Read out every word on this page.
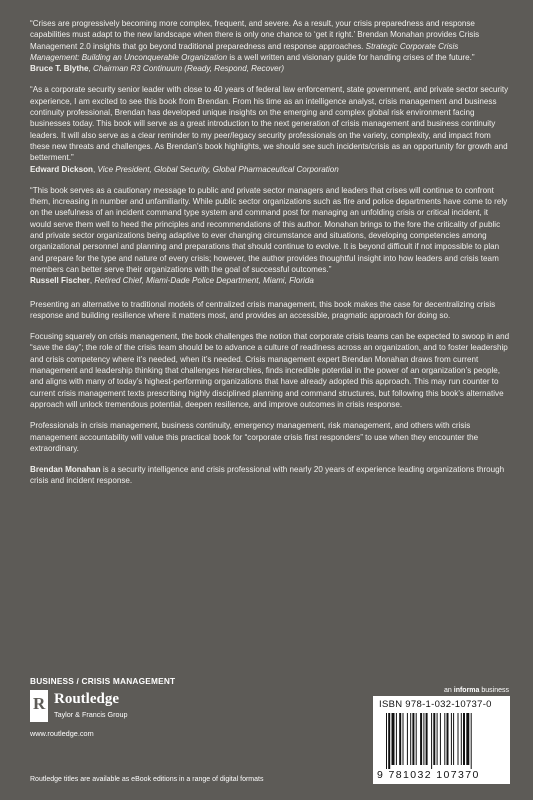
“Crises are progressively becoming more complex, frequent, and severe. As a result, your crisis preparedness and response capabilities must adapt to the new landscape when there is only one chance to ‘get it right.’ Brendan Monahan provides Crisis Management 2.0 insights that go beyond traditional preparedness and response approaches. Strategic Corporate Crisis Management: Building an Unconquerable Organization is a well written and visionary guide for handling crises of the future.”

Bruce T. Blythe, Chairman R3 Continuum (Ready, Respond, Recover)

“As a corporate security senior leader with close to 40 years of federal law enforcement, state government, and private sector security experience, I am excited to see this book from Brendan. From his time as an intelligence analyst, crisis management and business continuity professional, Brendan has developed unique insights on the emerging and complex global risk environment facing businesses today. This book will serve as a great introduction to the next generation of crisis management and business continuity leaders. It will also serve as a clear reminder to my peer/legacy security professionals on the variety, complexity, and impact from these new threats and challenges. As Brendan’s book highlights, we should see such incidents/crisis as an opportunity for growth and betterment.”

Edward Dickson, Vice President, Global Security, Global Pharmaceutical Corporation

“This book serves as a cautionary message to public and private sector managers and leaders that crises will continue to confront them, increasing in number and unfamiliarity. While public sector organizations such as fire and police departments have come to rely on the usefulness of an incident command type system and command post for managing an unfolding crisis or critical incident, it would serve them well to heed the principles and recommendations of this author. Monahan brings to the fore the criticality of public and private sector organizations being adaptive to ever changing circumstance and situations, developing competencies among organizational personnel and planning and preparations that should continue to evolve. It is beyond difficult if not impossible to plan and prepare for the type and nature of every crisis; however, the author provides thoughtful insight into how leaders and crisis team members can better serve their organizations with the goal of successful outcomes.”

Russell Fischer, Retired Chief, Miami-Dade Police Department, Miami, Florida

Presenting an alternative to traditional models of centralized crisis management, this book makes the case for decentralizing crisis response and building resilience where it matters most, and provides an accessible, pragmatic approach for doing so.

Focusing squarely on crisis management, the book challenges the notion that corporate crisis teams can be expected to swoop in and “save the day”; the role of the crisis team should be to advance a culture of readiness across an organization, and to foster leadership and crisis competency where it’s needed, when it’s needed. Crisis management expert Brendan Monahan draws from current management and leadership thinking that challenges hierarchies, finds incredible potential in the power of an organization’s people, and aligns with many of today’s highest-performing organizations that have already adopted this approach. This may run counter to current crisis management texts prescribing highly disciplined planning and command structures, but following this book’s alternative approach will unlock tremendous potential, deepen resilience, and improve outcomes in crisis response.

Professionals in crisis management, business continuity, emergency management, risk management, and others with crisis management accountability will value this practical book for “corporate crisis first responders” to use when they encounter the extraordinary.

Brendan Monahan is a security intelligence and crisis professional with nearly 20 years of experience leading organizations through crisis and incident response.

BUSINESS / CRISIS MANAGEMENT
R Routledge
Taylor & Francis Group
www.routledge.com
an informa business
ISBN 978-1-032-10737-0
9 781032 107370
Routledge titles are available as eBook editions in a range of digital formats
